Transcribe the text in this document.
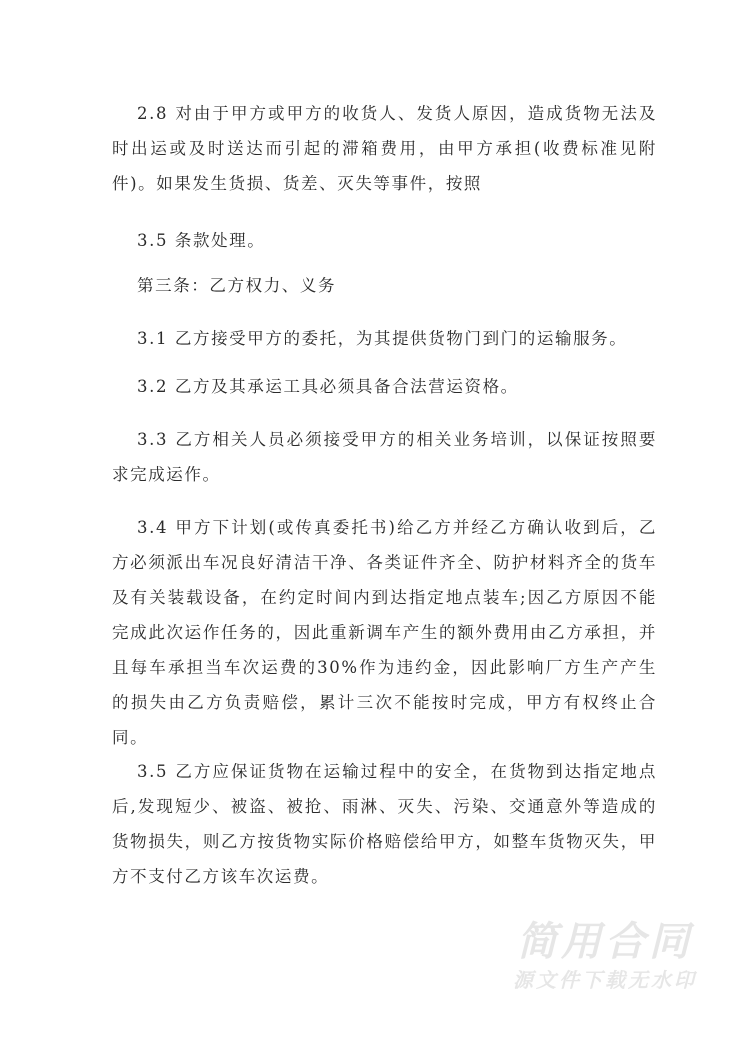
2.8 对由于甲方或甲方的收货人、发货人原因，造成货物无法及时出运或及时送达而引起的滞箱费用，由甲方承担(收费标准见附件)。如果发生货损、货差、灭失等事件，按照

3.5 条款处理。

第三条：乙方权力、义务

3.1 乙方接受甲方的委托，为其提供货物门到门的运输服务。

3.2 乙方及其承运工具必须具备合法营运资格。

3.3 乙方相关人员必须接受甲方的相关业务培训，以保证按照要求完成运作。

3.4 甲方下计划(或传真委托书)给乙方并经乙方确认收到后，乙方必须派出车况良好清洁干净、各类证件齐全、防护材料齐全的货车及有关装载设备，在约定时间内到达指定地点装车;因乙方原因不能完成此次运作任务的，因此重新调车产生的额外费用由乙方承担，并且每车承担当车次运费的30%作为违约金，因此影响厂方生产产生的损失由乙方负责赔偿，累计三次不能按时完成，甲方有权终止合同。

3.5 乙方应保证货物在运输过程中的安全，在货物到达指定地点后,发现短少、被盗、被抢、雨淋、灭失、污染、交通意外等造成的货物损失，则乙方按货物实际价格赔偿给甲方，如整车货物灭失，甲方不支付乙方该车次运费。

简用合同
源文件下载无水印
